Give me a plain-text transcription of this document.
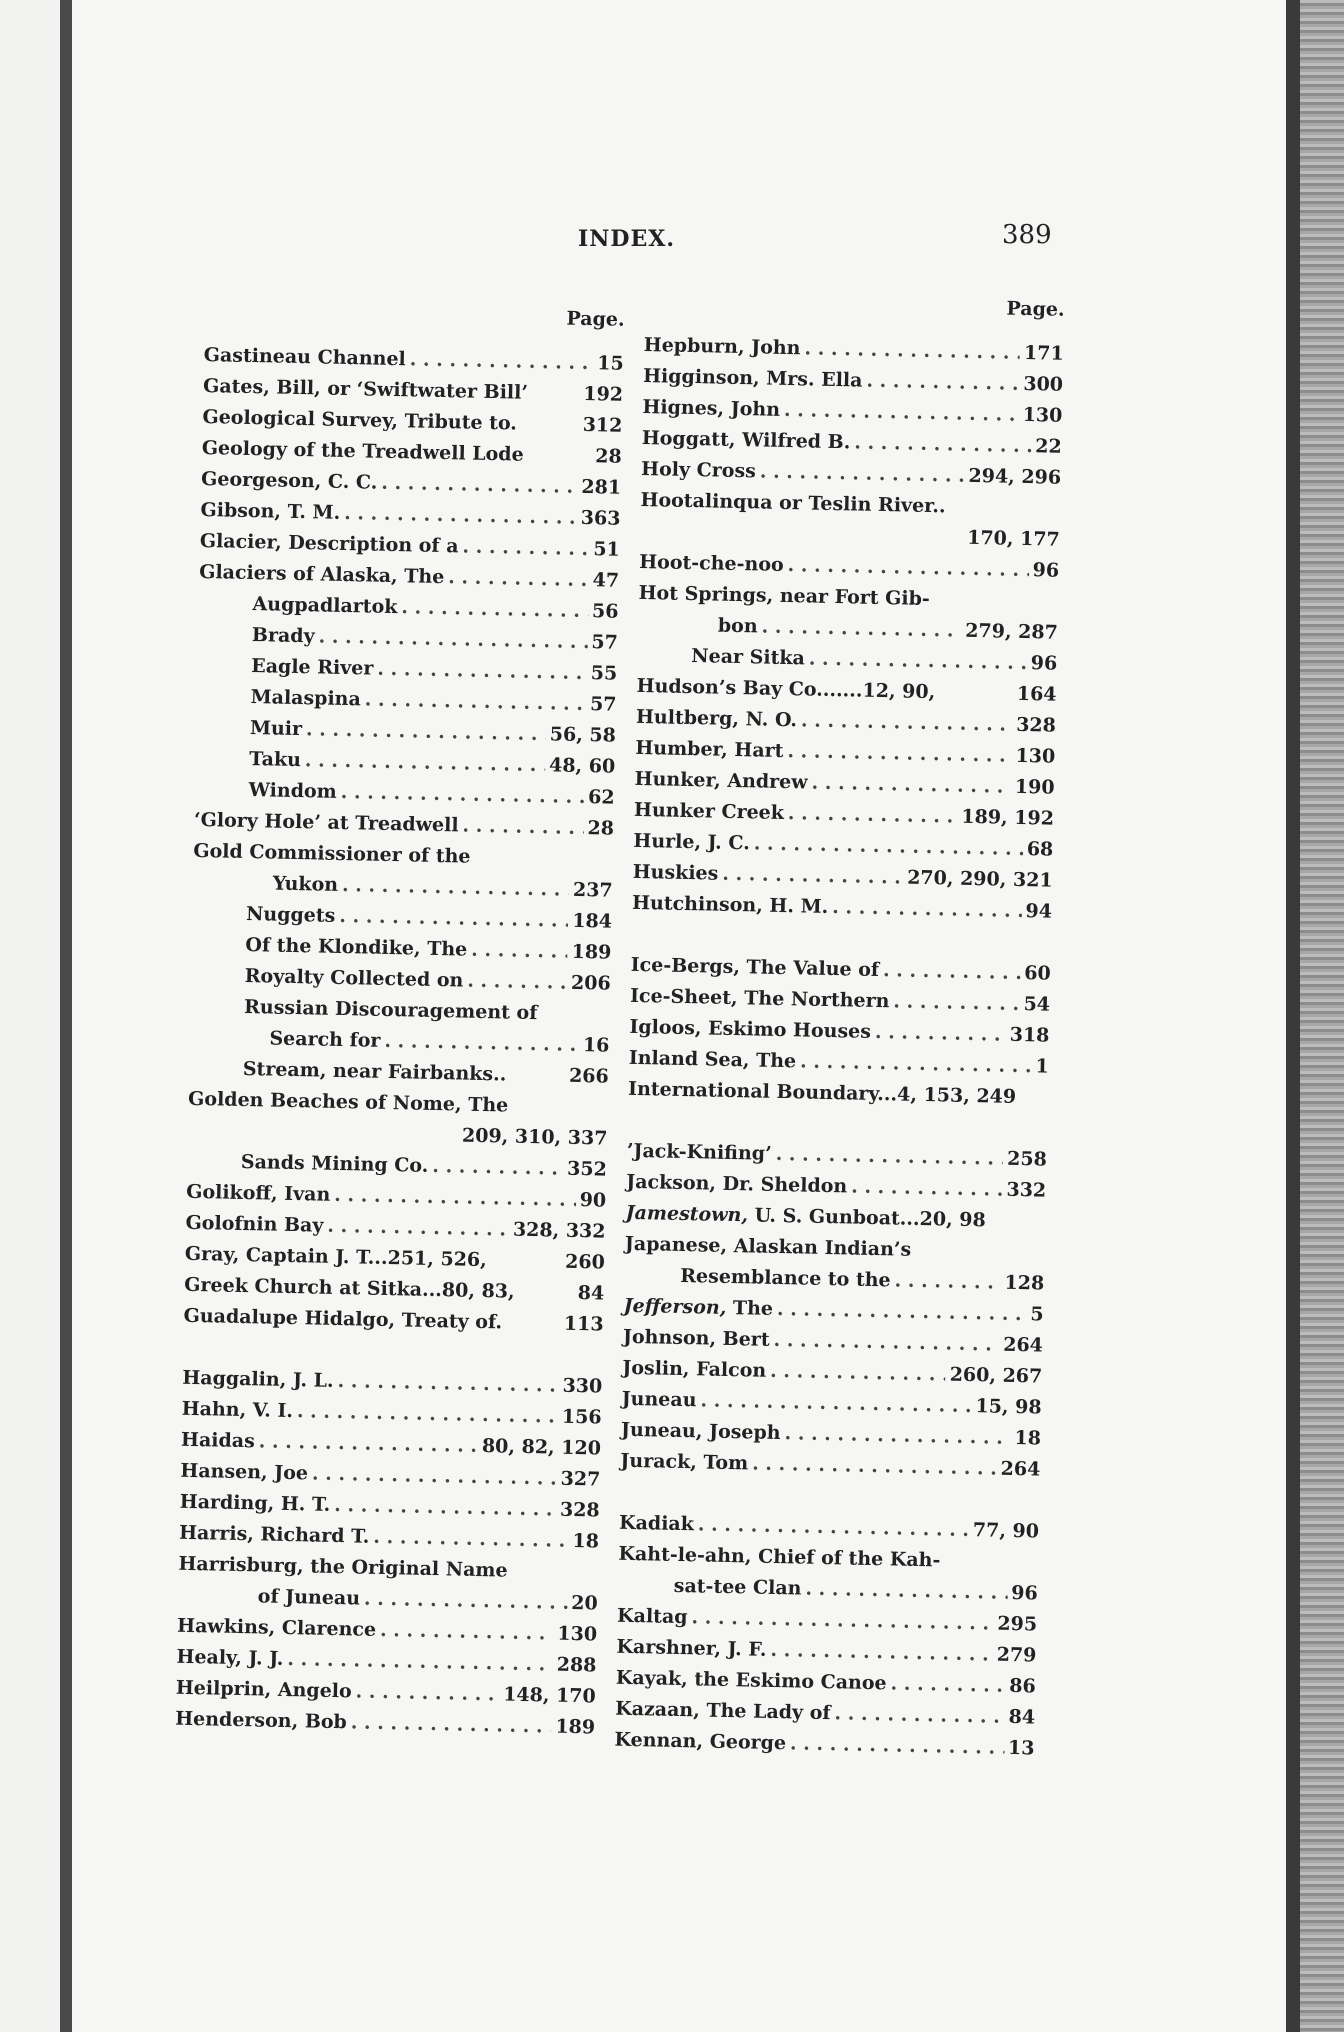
INDEX.	389
Page.
Gastineau Channel . . .	15
Gates, Bill, or ‘Swiftwater Bill’	192
Geological Survey, Tribute to.	312
Geology of the Treadwell Lode	28
Georgeson, C. C. . . .	281
Gibson, T. M. . . .	363
Glacier, Description of a . . .	51
Glaciers of Alaska, The . . .	47
Augpadlartok . . .	56
Brady . . .	57
Eagle River . . .	55
Malaspina . . .	57
Muir . . .	56, 58
Taku . . .	48, 60
Windom . . .	62
‘Glory Hole’ at Treadwell . . .	28
Gold Commissioner of the
Yukon . . .	237
Nuggets . . .	184
Of the Klondike, The . . .	189
Royalty Collected on . . .	206
Russian Discouragement of
Search for . . .	16
Stream, near Fairbanks..	266
Golden Beaches of Nome, The
209, 310, 337
Sands Mining Co. . . .	352
Golikoff, Ivan . . .	90
Golofnin Bay . . .	328, 332
Gray, Captain J. T...251, 526,	260
Greek Church at Sitka...80, 83,	84
Guadalupe Hidalgo, Treaty of.	113
Haggalin, J. L. . . .	330
Hahn, V. I. . . .	156
Haidas . . .	80, 82, 120
Hansen, Joe . . .	327
Harding, H. T. . . .	328
Harris, Richard T. . . .	18
Harrisburg, the Original Name
of Juneau . . .	20
Hawkins, Clarence . . .	130
Healy, J. J. . . .	288
Heilprin, Angelo . . .	148, 170
Henderson, Bob . . .	189
Page.
Hepburn, John . . .	171
Higginson, Mrs. Ella . . .	300
Hignes, John . . .	130
Hoggatt, Wilfred B. . . .	22
Holy Cross . . .	294, 296
Hootalinqua or Teslin River..
170, 177
Hoot-che-noo . . .	96
Hot Springs, near Fort Gib-
bon . . .	279, 287
Near Sitka . . .	96
Hudson’s Bay Co.......12, 90,	164
Hultberg, N. O. . . .	328
Humber, Hart . . .	130
Hunker, Andrew . . .	190
Hunker Creek . . .	189, 192
Hurle, J. C. . . .	68
Huskies . . .	270, 290, 321
Hutchinson, H. M. . . .	94
Ice-Bergs, The Value of . . .	60
Ice-Sheet, The Northern . . .	54
Igloos, Eskimo Houses . . .	318
Inland Sea, The . . .	1
International Boundary...4, 153, 249
’Jack-Knifing’ . . .	258
Jackson, Dr. Sheldon . . .	332
Jamestown, U. S. Gunboat...20, 98
Japanese, Alaskan Indian’s
Resemblance to the . . .	128
Jefferson, The . . .	5
Johnson, Bert . . .	264
Joslin, Falcon . . .	260, 267
Juneau . . .	15, 98
Juneau, Joseph . . .	18
Jurack, Tom . . .	264
Kadiak . . .	77, 90
Kaht-le-ahn, Chief of the Kah-
sat-tee Clan . . .	96
Kaltag . . .	295
Karshner, J. F. . . .	279
Kayak, the Eskimo Canoe . . .	86
Kazaan, The Lady of . . .	84
Kennan, George . . .	13
